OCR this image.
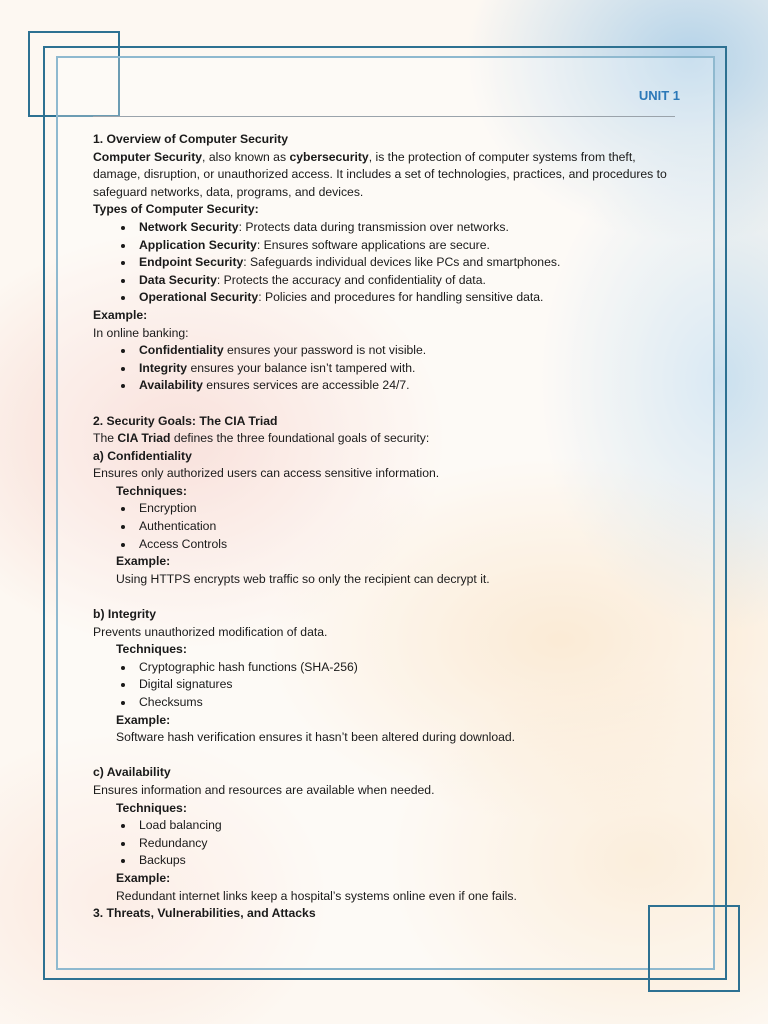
UNIT 1

1. Overview of Computer Security

Computer Security, also known as cybersecurity, is the protection of computer systems from theft, damage, disruption, or unauthorized access. It includes a set of technologies, practices, and procedures to safeguard networks, data, programs, and devices.

Types of Computer Security:

Network Security: Protects data during transmission over networks.
Application Security: Ensures software applications are secure.
Endpoint Security: Safeguards individual devices like PCs and smartphones.
Data Security: Protects the accuracy and confidentiality of data.
Operational Security: Policies and procedures for handling sensitive data.

Example:

In online banking:

Confidentiality ensures your password is not visible.
Integrity ensures your balance isn’t tampered with.
Availability ensures services are accessible 24/7.

2. Security Goals: The CIA Triad

The CIA Triad defines the three foundational goals of security:

a) Confidentiality

Ensures only authorized users can access sensitive information.

Techniques:

Encryption
Authentication
Access Controls

Example:

Using HTTPS encrypts web traffic so only the recipient can decrypt it.

b) Integrity

Prevents unauthorized modification of data.

Techniques:

Cryptographic hash functions (SHA-256)
Digital signatures
Checksums

Example:

Software hash verification ensures it hasn’t been altered during download.

c) Availability

Ensures information and resources are available when needed.

Techniques:

Load balancing
Redundancy
Backups

Example:

Redundant internet links keep a hospital’s systems online even if one fails.

3. Threats, Vulnerabilities, and Attacks
